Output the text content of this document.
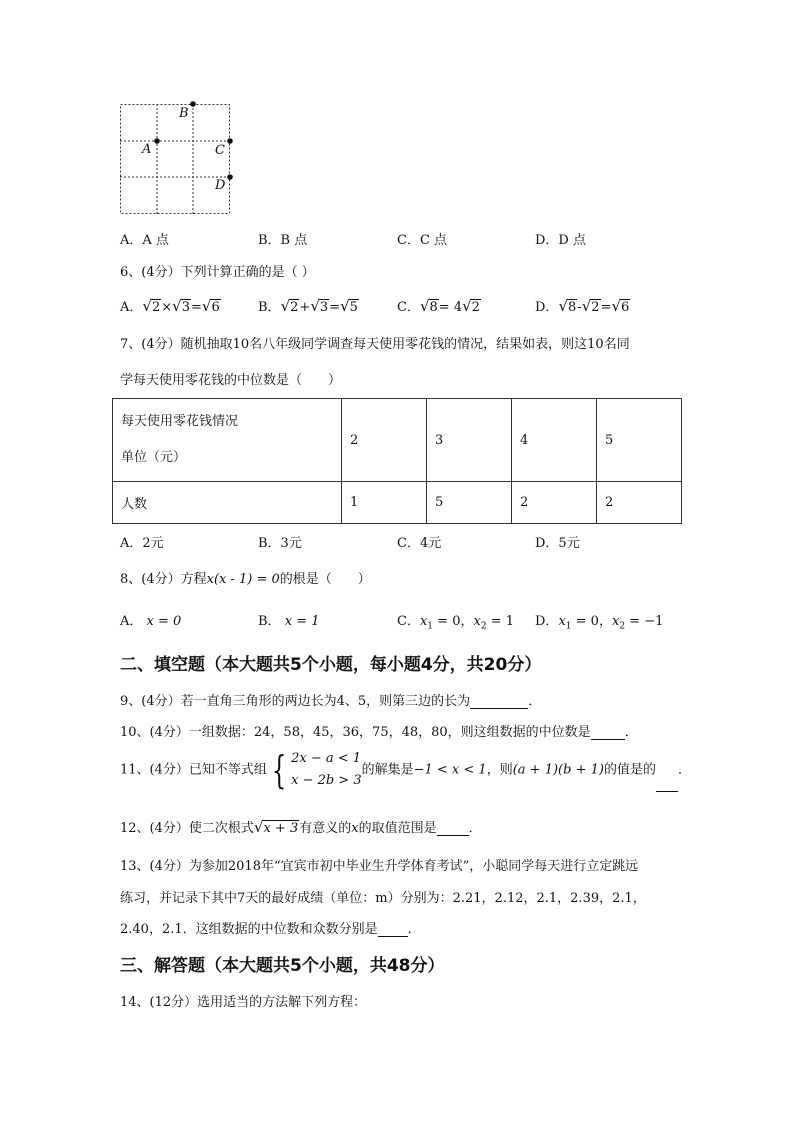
B
A	C
D
A．A 点	B．B 点	C．C 点	D．D 点
6、(4分）下列计算正确的是（ ）
A．√2×√3=√6	B．√2+√3=√5	C．√8= 4√2	D．√8-√2=√6
7、(4分）随机抽取10名八年级同学调查每天使用零花钱的情况，结果如表，则这10名同
学每天使用零花钱的中位数是（　　）
每天使用零花钱情况
单位（元）	2	3	4	5
人数	1	5	2	2
A．2元	B．3元	C．4元	D．5元
8、(4分）方程x(x - 1) = 0的根是（　　）
A． x = 0	B． x = 1	C．$x_1 = 0$，$x_2 = 1$ D．$x_1 = 0$，$x_2 = -1$
二、填空题（本大题共5个小题，每小题4分，共20分）
9、(4分）若一直角三角形的两边长为4、5，则第三边的长为	．
10、(4分）一组数据：24，58，45，36，75，48，80，则这组数据的中位数是	．
11、(4分）已知不等式组 { 2x − a < 1
x − 2b > 3
的解集是−1 < x < 1，则(a + 1)(b + 1)的值是的 ．
12、(4分）使二次根式√x + 3有意义的x的取值范围是 ．
13、(4分）为参加2018年“宜宾市初中毕业生升学体育考试”，小聪同学每天进行立定跳远
练习，并记录下其中7天的最好成绩（单位：m）分别为：2.21，2.12，2.1，2.39，2.1，
2.40，2.1．这组数据的中位数和众数分别是 ．
三、解答题（本大题共5个小题，共48分）
14、(12分）选用适当的方法解下列方程：
